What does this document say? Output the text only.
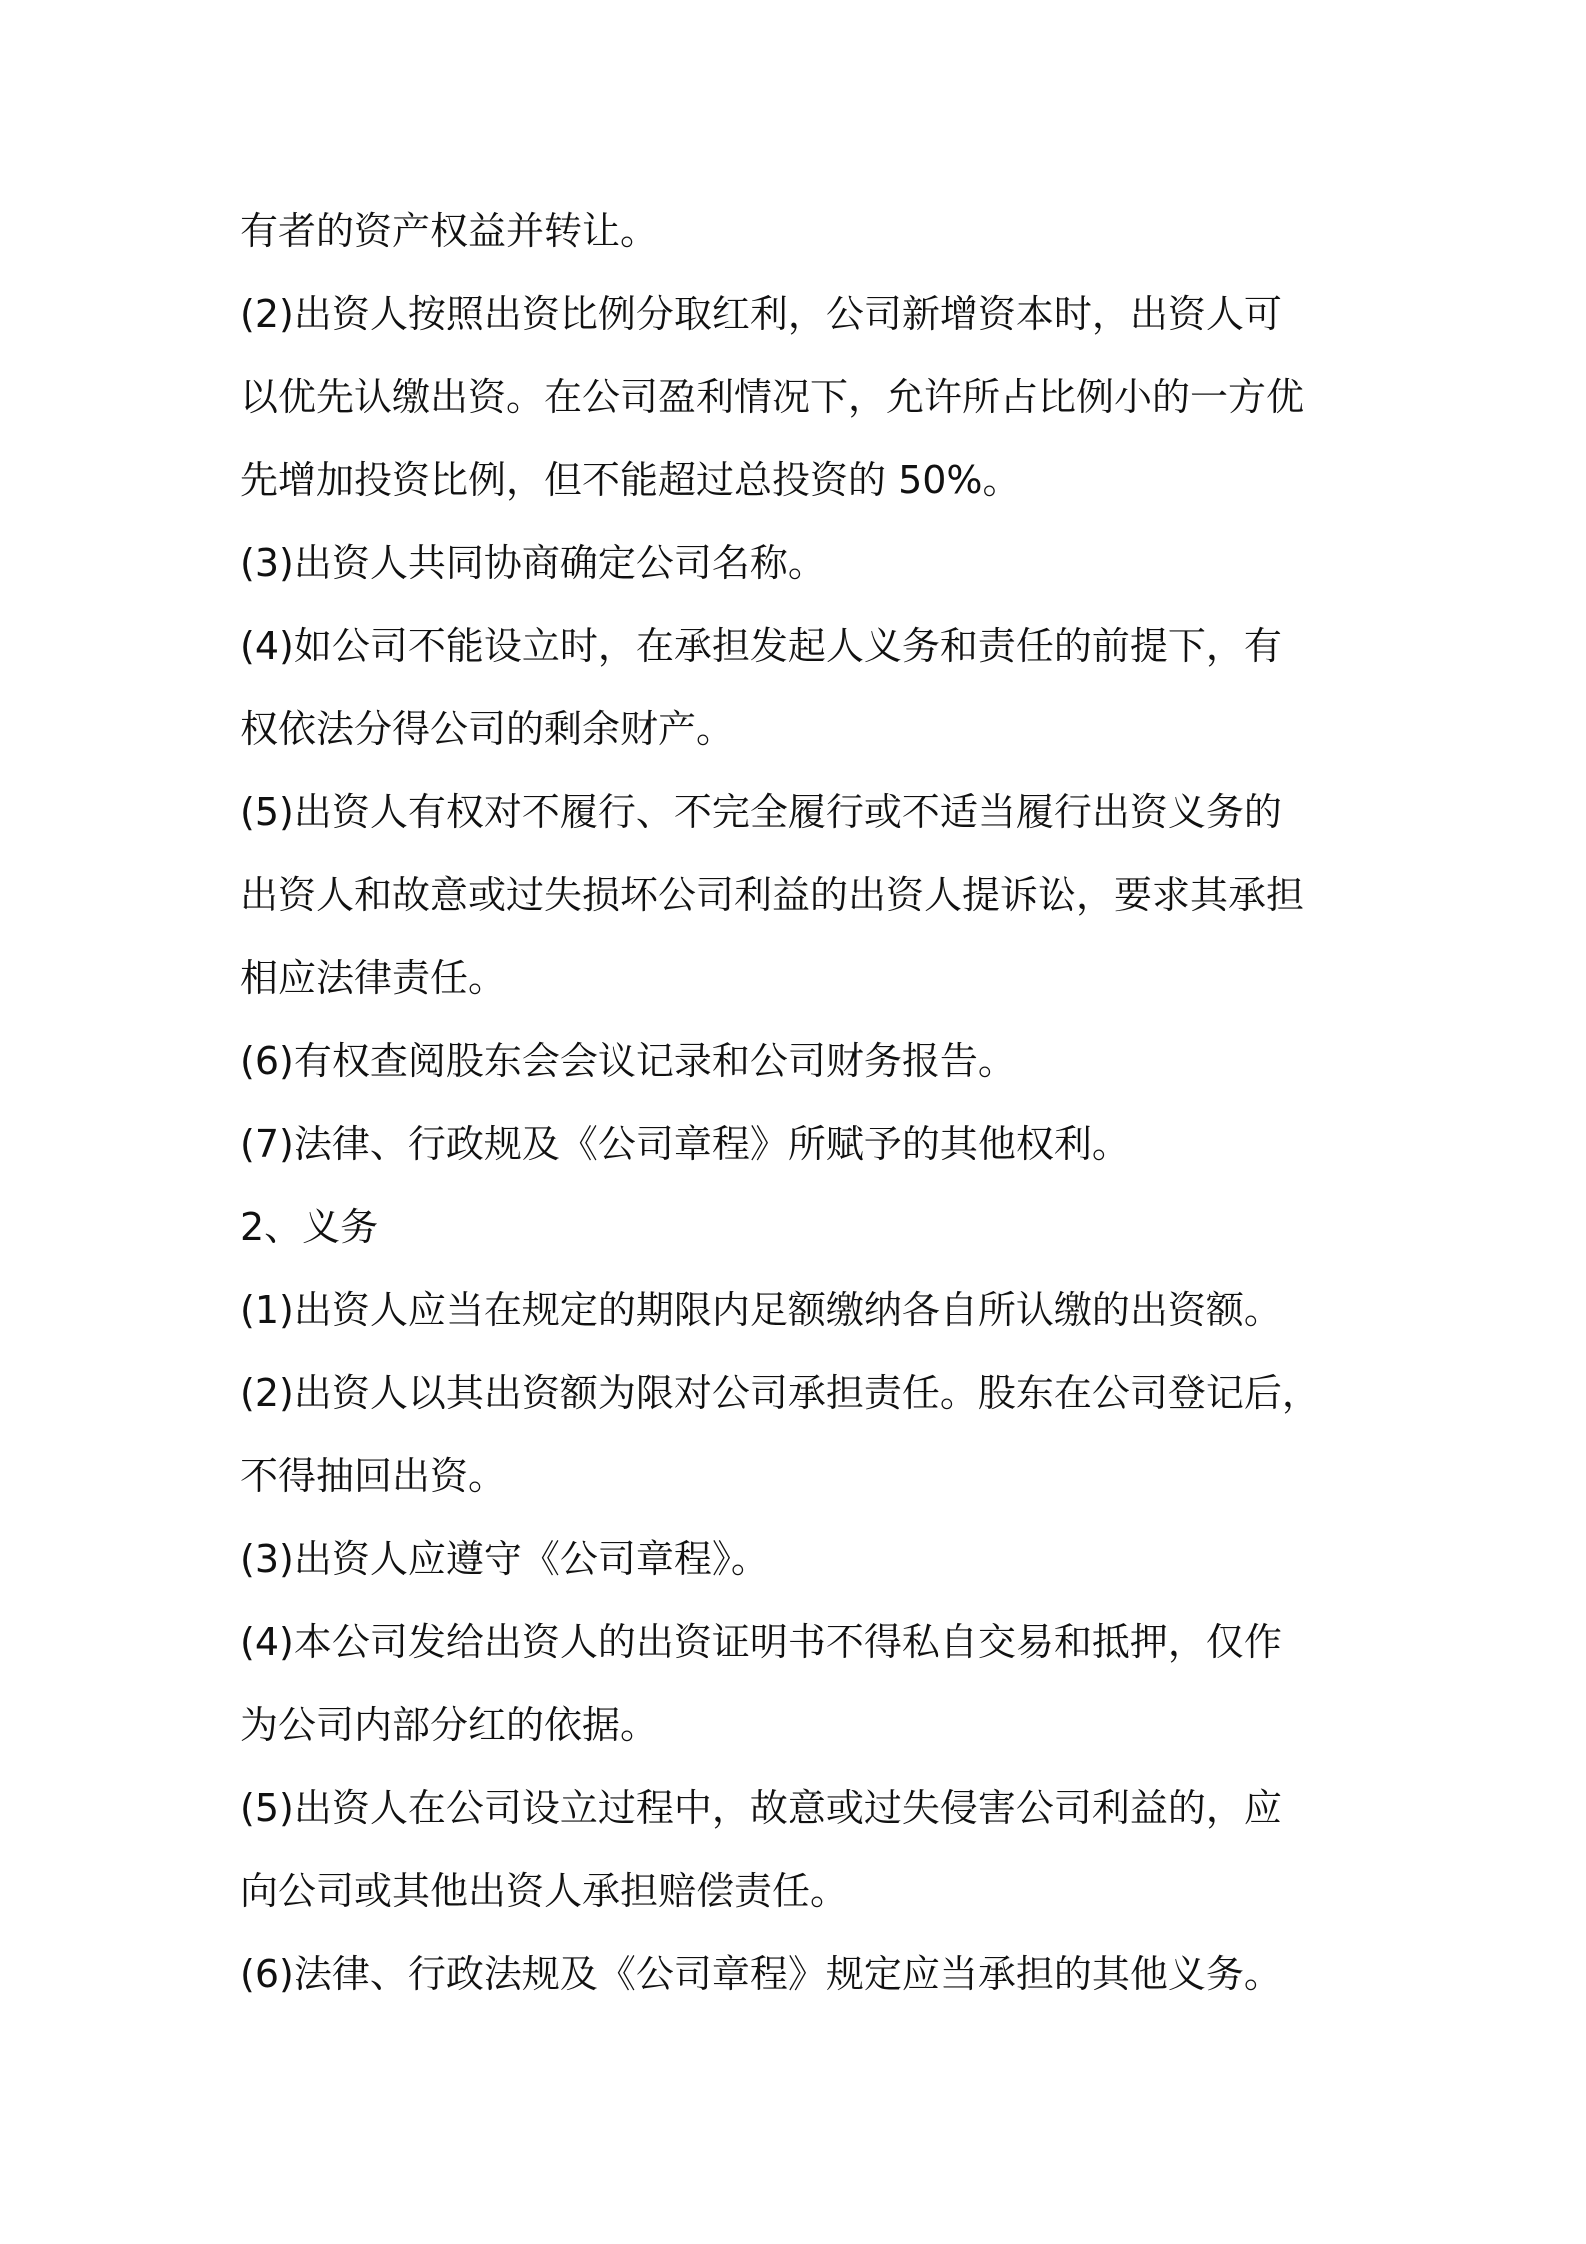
有者的资产权益并转让。
(2)出资人按照出资比例分取红利，公司新增资本时，出资人可
以优先认缴出资。在公司盈利情况下，允许所占比例小的一方优
先增加投资比例，但不能超过总投资的 50%。
(3)出资人共同协商确定公司名称。
(4)如公司不能设立时，在承担发起人义务和责任的前提下，有
权依法分得公司的剩余财产。
(5)出资人有权对不履行、不完全履行或不适当履行出资义务的
出资人和故意或过失损坏公司利益的出资人提诉讼，要求其承担
相应法律责任。
(6)有权查阅股东会会议记录和公司财务报告。
(7)法律、行政规及《公司章程》所赋予的其他权利。
2、义务
(1)出资人应当在规定的期限内足额缴纳各自所认缴的出资额。
(2)出资人以其出资额为限对公司承担责任。股东在公司登记后，
不得抽回出资。
(3)出资人应遵守《公司章程》。
(4)本公司发给出资人的出资证明书不得私自交易和抵押，仅作
为公司内部分红的依据。
(5)出资人在公司设立过程中，故意或过失侵害公司利益的，应
向公司或其他出资人承担赔偿责任。
(6)法律、行政法规及《公司章程》规定应当承担的其他义务。
